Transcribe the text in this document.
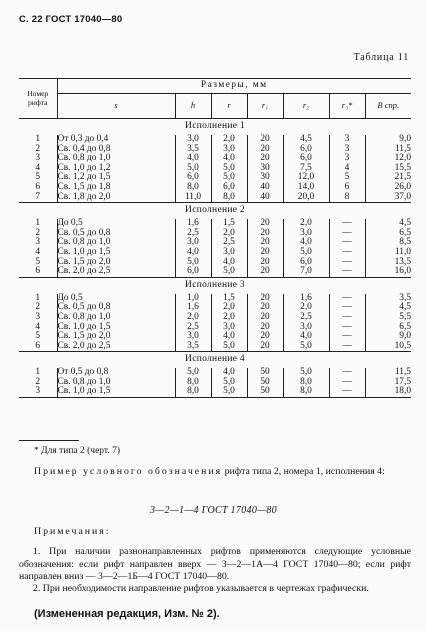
С. 22 ГОСТ 17040—80
Таблица 11
Номер рифта	Размеры, мм						
	s	h	r	r₁	r₂	r₃*	B спр.
Исполнение 1							
1	От 0,3 до 0,4	3,0	2,0	20	4,5	3	9,0
2	Св. 0,4 до 0,8	3,5	3,0	20	6,0	3	11,5
3	Св. 0,8 до 1,0	4,0	4,0	20	6,0	3	12,0
4	Св. 1,0 до 1,2	5,0	5,0	30	7,5	4	15,5
5	Св. 1,2 до 1,5	6,0	5,0	30	12,0	5	21,5
6	Св. 1,5 до 1,8	8,0	6,0	40	14,0	6	26,0
7	Св. 1,8 до 2,0	11,0	8,0	40	20,0	8	37,0
Исполнение 2							
1	До 0,5	1,6	1,5	20	2,0	—	4,5
2	Св. 0,5 до 0,8	2,5	2,0	20	3,0	—	6,5
3	Св. 0,8 до 1,0	3,0	2,5	20	4,0	—	8,5
4	Св. 1,0 до 1,5	4,0	3,0	20	5,0	—	11,0
5	Св. 1,5 до 2,0	5,0	4,0	20	6,0	—	13,5
6	Св. 2,0 до 2,5	6,0	5,0	20	7,0	—	16,0
Исполнение 3							
1	До 0,5	1,0	1,5	20	1,6	—	3,5
2	Св. 0,5 до 0,8	1,6	2,0	20	2,0	—	4,5
3	Св. 0,8 до 1,0	2,0	2,0	20	2,5	—	5,5
4	Св. 1,0 до 1,5	2,5	3,0	20	3,0	—	6,5
5	Св. 1,5 до 2,0	3,0	4,0	20	4,0	—	9,0
6	Св. 2,0 до 2,5	3,5	5,0	20	5,0	—	10,5
Исполнение 4							
1	От 0,5 до 0,8	5,0	4,0	50	5,0	—	11,5
2	Св. 0,8 до 1,0	8,0	5,0	50	8,0	—	17,5
3	Св. 1,0 до 1,5	8,0	5,0	50	8,0	—	18,0
* Для типа 2 (черт. 7)
Пример условного обозначения рифта типа 2, номера 1, исполнения 4:
3—2—1—4 ГОСТ 17040—80
Примечания:
1. При наличии разнонаправленных рифтов применяются следующие условные обозначения: если рифт направлен вверх — 3—2—1А—4 ГОСТ 17040—80; если рифт направлен вниз — 3—2—1Б—4 ГОСТ 17040—80.
2. При необходимости направление рифтов указывается в чертежах графически.
(Измененная редакция, Изм. № 2).
